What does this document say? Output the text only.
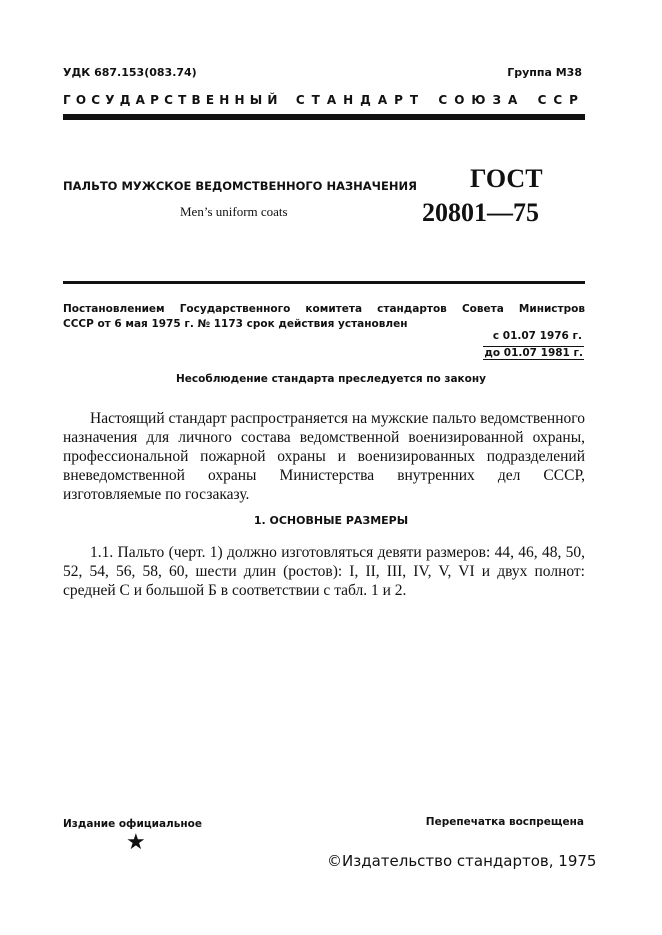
УДК 687.153(083.74)	Группа М38
ГОСУДАРСТВЕННЫЙ СТАНДАРТ СОЮЗА ССР
ПАЛЬТО МУЖСКОЕ ВЕДОМСТВЕННОГО НАЗНАЧЕНИЯ
Men’s uniform coats
ГОСТ
20801—75
Постановлением Государственного комитета стандартов Совета Министров
СССР от 6 мая 1975 г. № 1173 срок действия установлен
с 01.07 1976 г.
до 01.07 1981 г.
Несоблюдение стандарта преследуется по закону
Настоящий стандарт распространяется на мужские пальто ведомственного назначения для личного состава ведомственной военизированной охраны, профессиональной пожарной охраны и военизированных подразделений вневедомственной охраны Министерства внутренних дел СССР, изготовляемые по госзаказу.
1. ОСНОВНЫЕ РАЗМЕРЫ
1.1. Пальто (черт. 1) должно изготовляться девяти размеров: 44, 46, 48, 50, 52, 54, 56, 58, 60, шести длин (ростов): I, II, III, IV, V, VI и двух полнот: средней С и большой Б в соответствии с табл. 1 и 2.
Издание официальное	Перепечатка воспрещена
★
©Издательство стандартов, 1975
